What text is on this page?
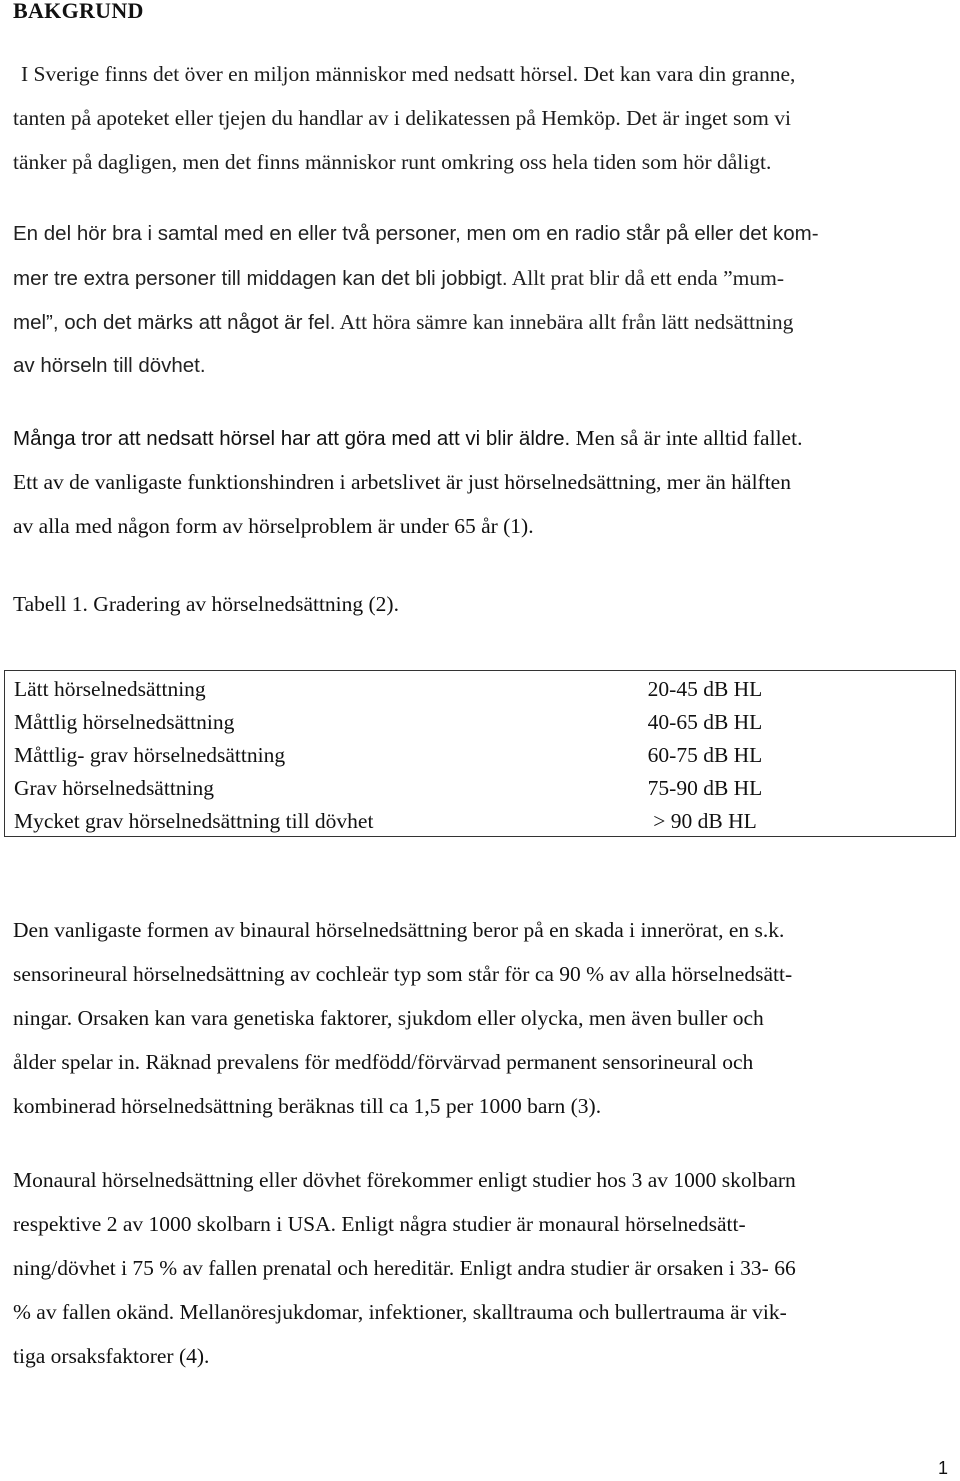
BAKGRUND
I Sverige finns det över en miljon människor med nedsatt hörsel. Det kan vara din granne,
tanten på apoteket eller tjejen du handlar av i delikatessen på Hemköp. Det är inget som vi
tänker på dagligen, men det finns människor runt omkring oss hela tiden som hör dåligt.
En del hör bra i samtal med en eller två personer, men om en radio står på eller det kom-
mer tre extra personer till middagen kan det bli jobbigt. Allt prat blir då ett enda ”mum-
mel”, och det märks att något är fel. Att höra sämre kan innebära allt från lätt nedsättning
av hörseln till dövhet.
Många tror att nedsatt hörsel har att göra med att vi blir äldre. Men så är inte alltid fallet.
Ett av de vanligaste funktionshindren i arbetslivet är just hörselnedsättning, mer än hälften
av alla med någon form av hörselproblem är under 65 år (1).
Tabell 1. Gradering av hörselnedsättning (2).
Lätt hörselnedsättning	20-45 dB HL
Måttlig hörselnedsättning	40-65 dB HL
Måttlig- grav hörselnedsättning	60-75 dB HL
Grav hörselnedsättning	75-90 dB HL
Mycket grav hörselnedsättning till dövhet	> 90 dB HL
Den vanligaste formen av binaural hörselnedsättning beror på en skada i innerörat, en s.k.
sensorineural hörselnedsättning av cochleär typ som står för ca 90 % av alla hörselnedsätt-
ningar. Orsaken kan vara genetiska faktorer, sjukdom eller olycka, men även buller och
ålder spelar in. Räknad prevalens för medfödd/förvärvad permanent sensorineural och
kombinerad hörselnedsättning beräknas till ca 1,5 per 1000 barn (3).
Monaural hörselnedsättning eller dövhet förekommer enligt studier hos 3 av 1000 skolbarn
respektive 2 av 1000 skolbarn i USA. Enligt några studier är monaural hörselnedsätt-
ning/dövhet i 75 % av fallen prenatal och hereditär. Enligt andra studier är orsaken i 33- 66
% av fallen okänd. Mellanöresjukdomar, infektioner, skalltrauma och bullertrauma är vik-
tiga orsaksfaktorer (4).
1
